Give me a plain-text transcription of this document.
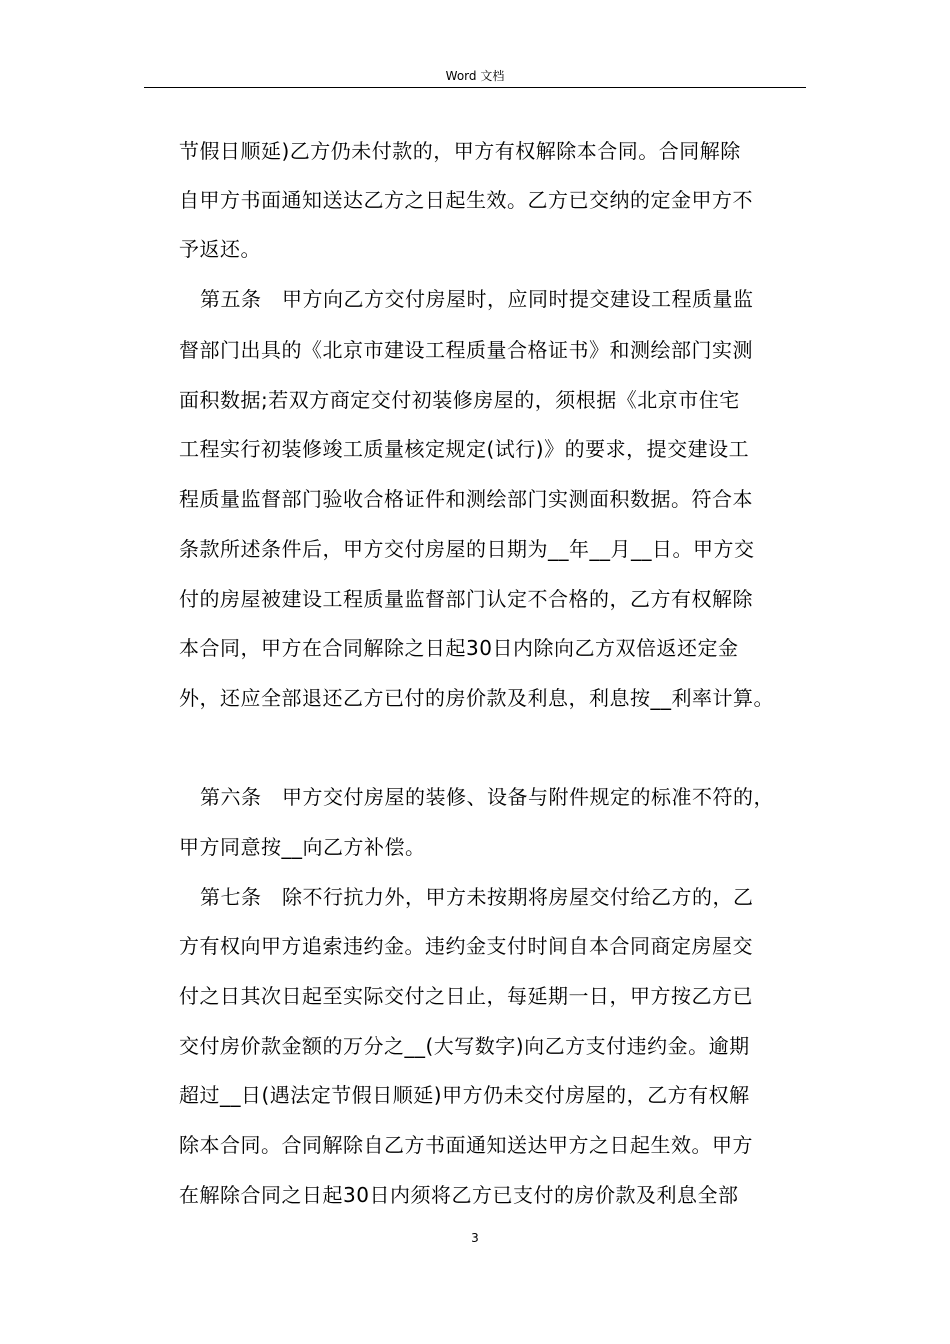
Word 文档
节假日顺延)乙方仍未付款的，甲方有权解除本合同。合同解除
自甲方书面通知送达乙方之日起生效。乙方已交纳的定金甲方不
予返还。
第五条　甲方向乙方交付房屋时，应同时提交建设工程质量监
督部门出具的《北京市建设工程质量合格证书》和测绘部门实测
面积数据;若双方商定交付初装修房屋的，须根据《北京市住宅
工程实行初装修竣工质量核定规定(试行)》的要求，提交建设工
程质量监督部门验收合格证件和测绘部门实测面积数据。符合本
条款所述条件后，甲方交付房屋的日期为__年__月__日。甲方交
付的房屋被建设工程质量监督部门认定不合格的，乙方有权解除
本合同，甲方在合同解除之日起30日内除向乙方双倍返还定金
外，还应全部退还乙方已付的房价款及利息，利息按__利率计算。
第六条　甲方交付房屋的装修、设备与附件规定的标准不符的，
甲方同意按__向乙方补偿。
第七条　除不行抗力外，甲方未按期将房屋交付给乙方的，乙
方有权向甲方追索违约金。违约金支付时间自本合同商定房屋交
付之日其次日起至实际交付之日止，每延期一日，甲方按乙方已
交付房价款金额的万分之__(大写数字)向乙方支付违约金。逾期
超过__日(遇法定节假日顺延)甲方仍未交付房屋的，乙方有权解
除本合同。合同解除自乙方书面通知送达甲方之日起生效。甲方
在解除合同之日起30日内须将乙方已支付的房价款及利息全部
3
